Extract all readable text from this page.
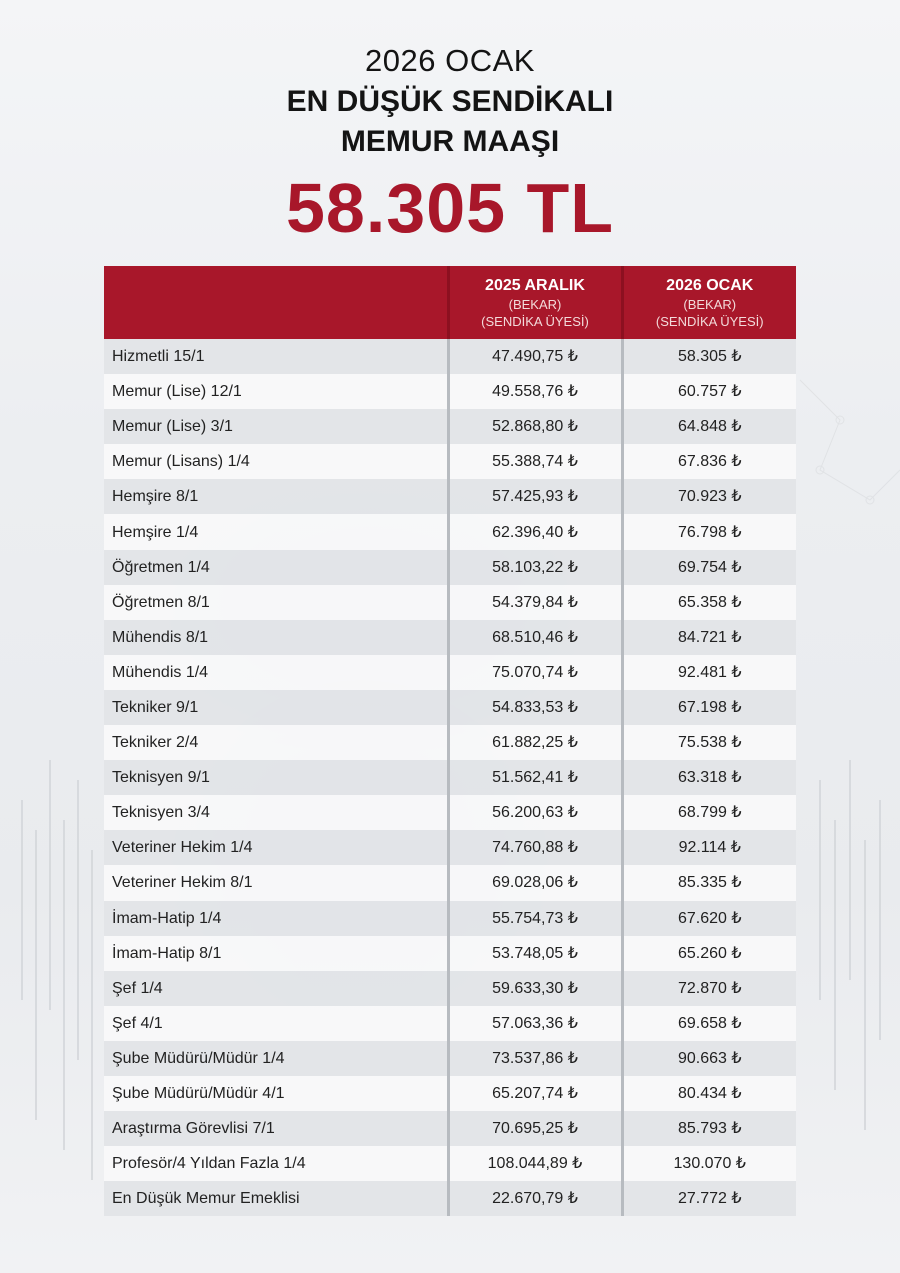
2026 OCAK
EN DÜŞÜK SENDİKALI
MEMUR MAAŞI
58.305 TL

	2025 ARALIK
(BEKAR)
(SENDİKA ÜYESİ)	2026 OCAK
(BEKAR)
(SENDİKA ÜYESİ)

Hizmetli 15/1	47.490,75 ₺	58.305 ₺
Memur (Lise) 12/1	49.558,76 ₺	60.757 ₺
Memur (Lise) 3/1	52.868,80 ₺	64.848 ₺
Memur (Lisans) 1/4	55.388,74 ₺	67.836 ₺
Hemşire 8/1	57.425,93 ₺	70.923 ₺
Hemşire 1/4	62.396,40 ₺	76.798 ₺
Öğretmen 1/4	58.103,22 ₺	69.754 ₺
Öğretmen 8/1	54.379,84 ₺	65.358 ₺
Mühendis 8/1	68.510,46 ₺	84.721 ₺
Mühendis 1/4	75.070,74 ₺	92.481 ₺
Tekniker 9/1	54.833,53 ₺	67.198 ₺
Tekniker 2/4	61.882,25 ₺	75.538 ₺
Teknisyen 9/1	51.562,41 ₺	63.318 ₺
Teknisyen 3/4	56.200,63 ₺	68.799 ₺
Veteriner Hekim 1/4	74.760,88 ₺	92.114 ₺
Veteriner Hekim 8/1	69.028,06 ₺	85.335 ₺
İmam-Hatip 1/4	55.754,73 ₺	67.620 ₺
İmam-Hatip 8/1	53.748,05 ₺	65.260 ₺
Şef 1/4	59.633,30 ₺	72.870 ₺
Şef 4/1	57.063,36 ₺	69.658 ₺
Şube Müdürü/Müdür 1/4	73.537,86 ₺	90.663 ₺
Şube Müdürü/Müdür 4/1	65.207,74 ₺	80.434 ₺
Araştırma Görevlisi 7/1	70.695,25 ₺	85.793 ₺
Profesör/4 Yıldan Fazla 1/4	108.044,89 ₺	130.070 ₺
En Düşük Memur Emeklisi	22.670,79 ₺	27.772 ₺
